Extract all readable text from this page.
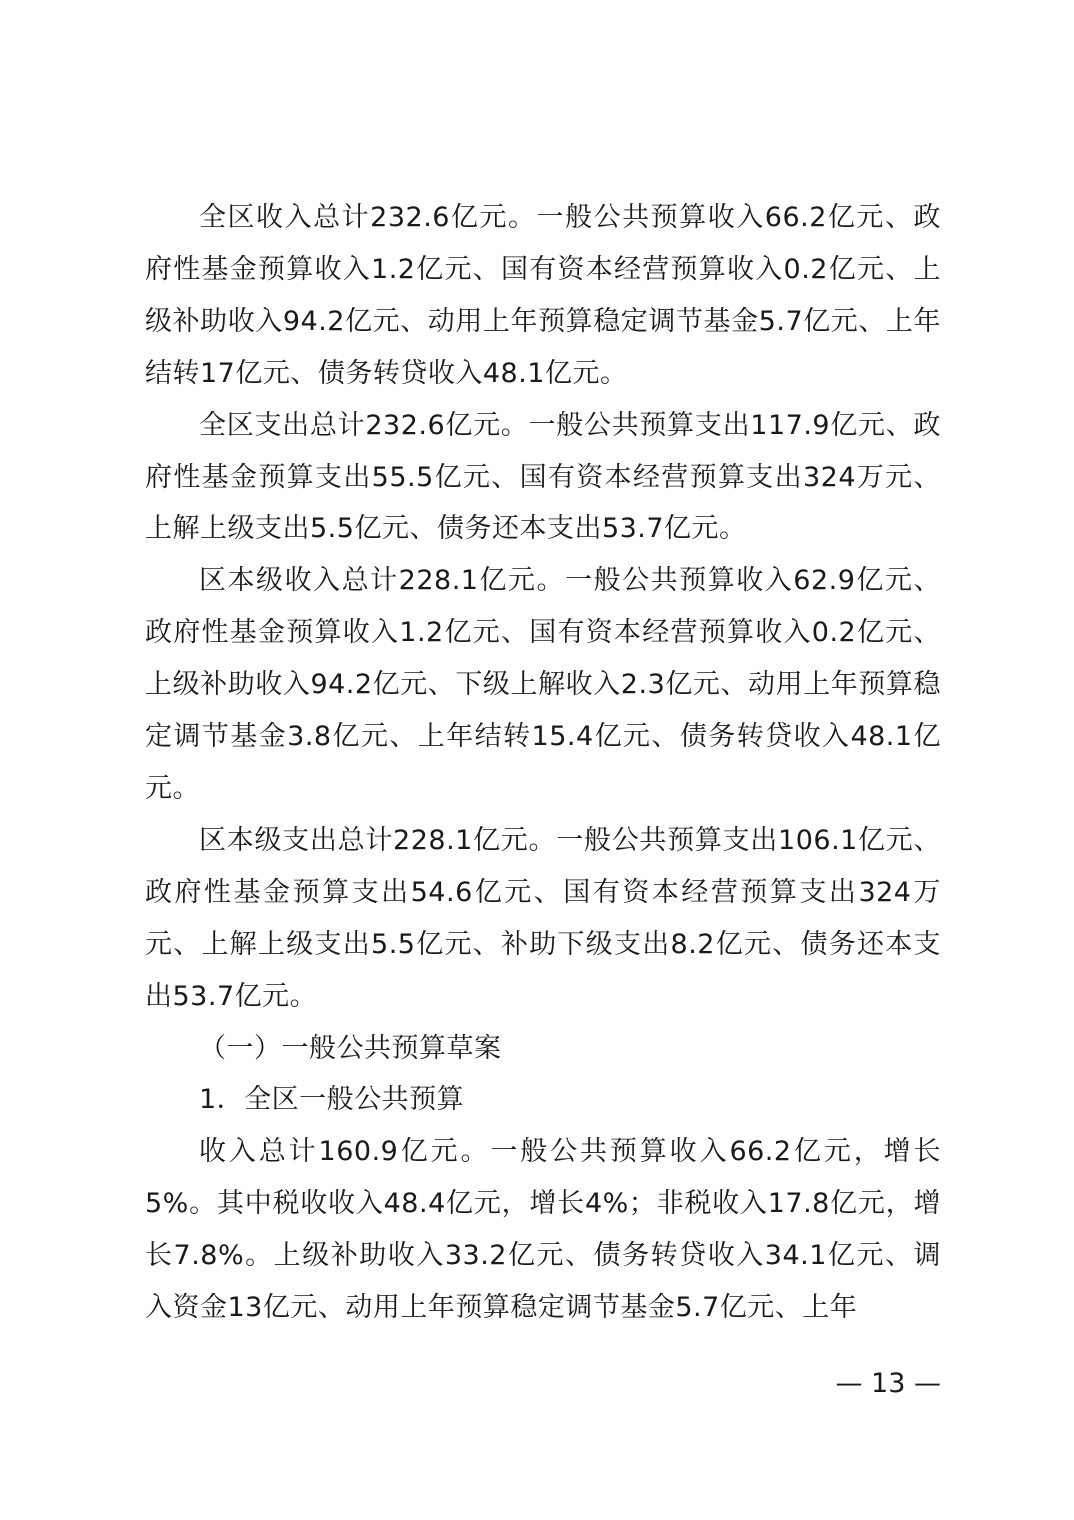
全区收入总计232.6亿元。一般公共预算收入66.2亿元、政府性基金预算收入1.2亿元、国有资本经营预算收入0.2亿元、上级补助收入94.2亿元、动用上年预算稳定调节基金5.7亿元、上年结转17亿元、债务转贷收入48.1亿元。

全区支出总计232.6亿元。一般公共预算支出117.9亿元、政府性基金预算支出55.5亿元、国有资本经营预算支出324万元、上解上级支出5.5亿元、债务还本支出53.7亿元。

区本级收入总计228.1亿元。一般公共预算收入62.9亿元、政府性基金预算收入1.2亿元、国有资本经营预算收入0.2亿元、上级补助收入94.2亿元、下级上解收入2.3亿元、动用上年预算稳定调节基金3.8亿元、上年结转15.4亿元、债务转贷收入48.1亿元。

区本级支出总计228.1亿元。一般公共预算支出106.1亿元、政府性基金预算支出54.6亿元、国有资本经营预算支出324万元、上解上级支出5.5亿元、补助下级支出8.2亿元、债务还本支出53.7亿元。

（一）一般公共预算草案

1．全区一般公共预算

收入总计160.9亿元。一般公共预算收入66.2亿元，增长5%。其中税收收入48.4亿元，增长4%；非税收入17.8亿元，增长7.8%。上级补助收入33.2亿元、债务转贷收入34.1亿元、调入资金13亿元、动用上年预算稳定调节基金5.7亿元、上年

— 13 —
